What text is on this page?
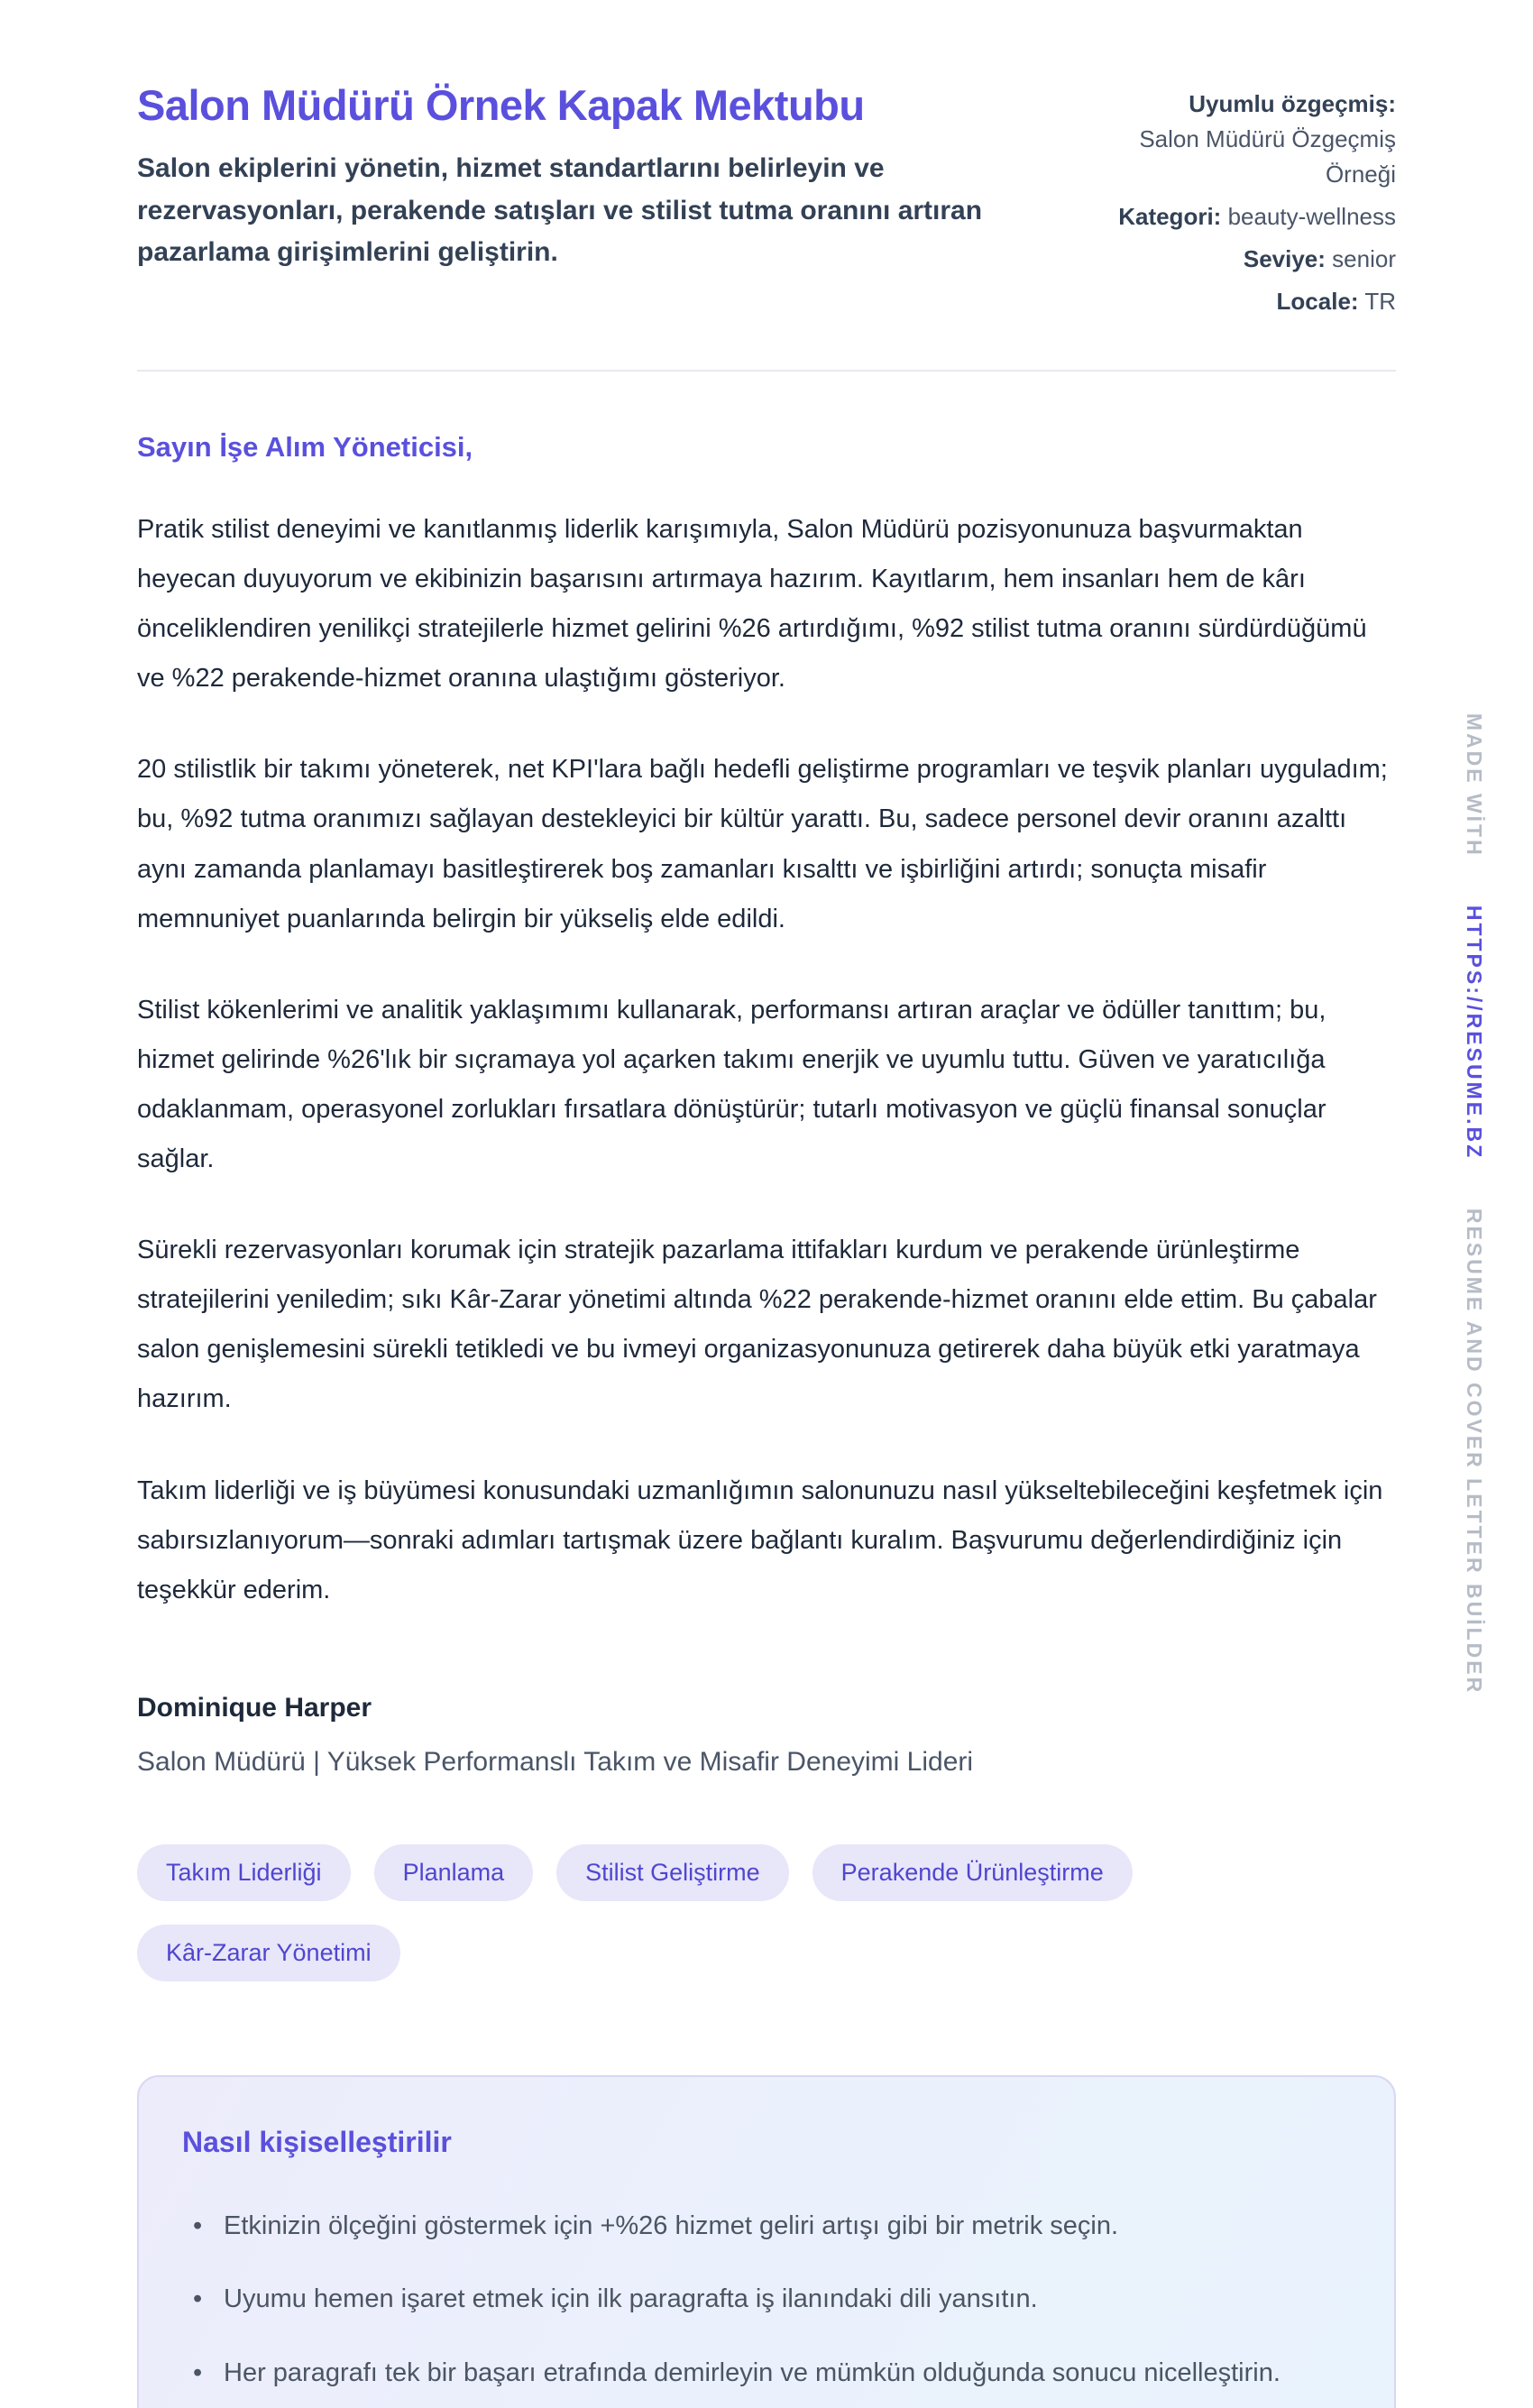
Salon Müdürü Örnek Kapak Mektubu

Salon ekiplerini yönetin, hizmet standartlarını belirleyin ve rezervasyonları, perakende satışları ve stilist tutma oranını artıran pazarlama girişimlerini geliştirin.

Uyumlu özgeçmiş:
Salon Müdürü Özgeçmiş Örneği
Kategori: beauty-wellness
Seviye: senior
Locale: TR

Sayın İşe Alım Yöneticisi,

Pratik stilist deneyimi ve kanıtlanmış liderlik karışımıyla, Salon Müdürü pozisyonunuza başvurmaktan heyecan duyuyorum ve ekibinizin başarısını artırmaya hazırım. Kayıtlarım, hem insanları hem de kârı önceliklendiren yenilikçi stratejilerle hizmet gelirini %26 artırdığımı, %92 stilist tutma oranını sürdürdüğümü ve %22 perakende-hizmet oranına ulaştığımı gösteriyor.

20 stilistlik bir takımı yöneterek, net KPI'lara bağlı hedefli geliştirme programları ve teşvik planları uyguladım; bu, %92 tutma oranımızı sağlayan destekleyici bir kültür yarattı. Bu, sadece personel devir oranını azalttı aynı zamanda planlamayı basitleştirerek boş zamanları kısalttı ve işbirliğini artırdı; sonuçta misafir memnuniyet puanlarında belirgin bir yükseliş elde edildi.

Stilist kökenlerimi ve analitik yaklaşımımı kullanarak, performansı artıran araçlar ve ödüller tanıttım; bu, hizmet gelirinde %26'lık bir sıçramaya yol açarken takımı enerjik ve uyumlu tuttu. Güven ve yaratıcılığa odaklanmam, operasyonel zorlukları fırsatlara dönüştürür; tutarlı motivasyon ve güçlü finansal sonuçlar sağlar.

Sürekli rezervasyonları korumak için stratejik pazarlama ittifakları kurdum ve perakende ürünleştirme stratejilerini yeniledim; sıkı Kâr-Zarar yönetimi altında %22 perakende-hizmet oranını elde ettim. Bu çabalar salon genişlemesini sürekli tetikledi ve bu ivmeyi organizasyonunuza getirerek daha büyük etki yaratmaya hazırım.

Takım liderliği ve iş büyümesi konusundaki uzmanlığımın salonunuzu nasıl yükseltebileceğini keşfetmek için sabırsızlanıyorum—sonraki adımları tartışmak üzere bağlantı kuralım. Başvurumu değerlendirdiğiniz için teşekkür ederim.

Dominique Harper

Salon Müdürü | Yüksek Performanslı Takım ve Misafir Deneyimi Lideri

Takım Liderliği	Planlama	Stilist Geliştirme	Perakende Ürünleştirme
Kâr-Zarar Yönetimi
Nasıl kişiselleştirilir
• Etkinizin ölçeğini göstermek için +%26 hizmet geliri artışı gibi bir metrik seçin.
• Uyumu hemen işaret etmek için ilk paragrafta iş ilanındaki dili yansıtın.
• Her paragrafı tek bir başarı etrafında demirleyin ve mümkün olduğunda sonucu nicelleştirin.
MADE WİTH HTTPS://RESUME.BZ RESUME AND COVER LETTER BUİLDER
